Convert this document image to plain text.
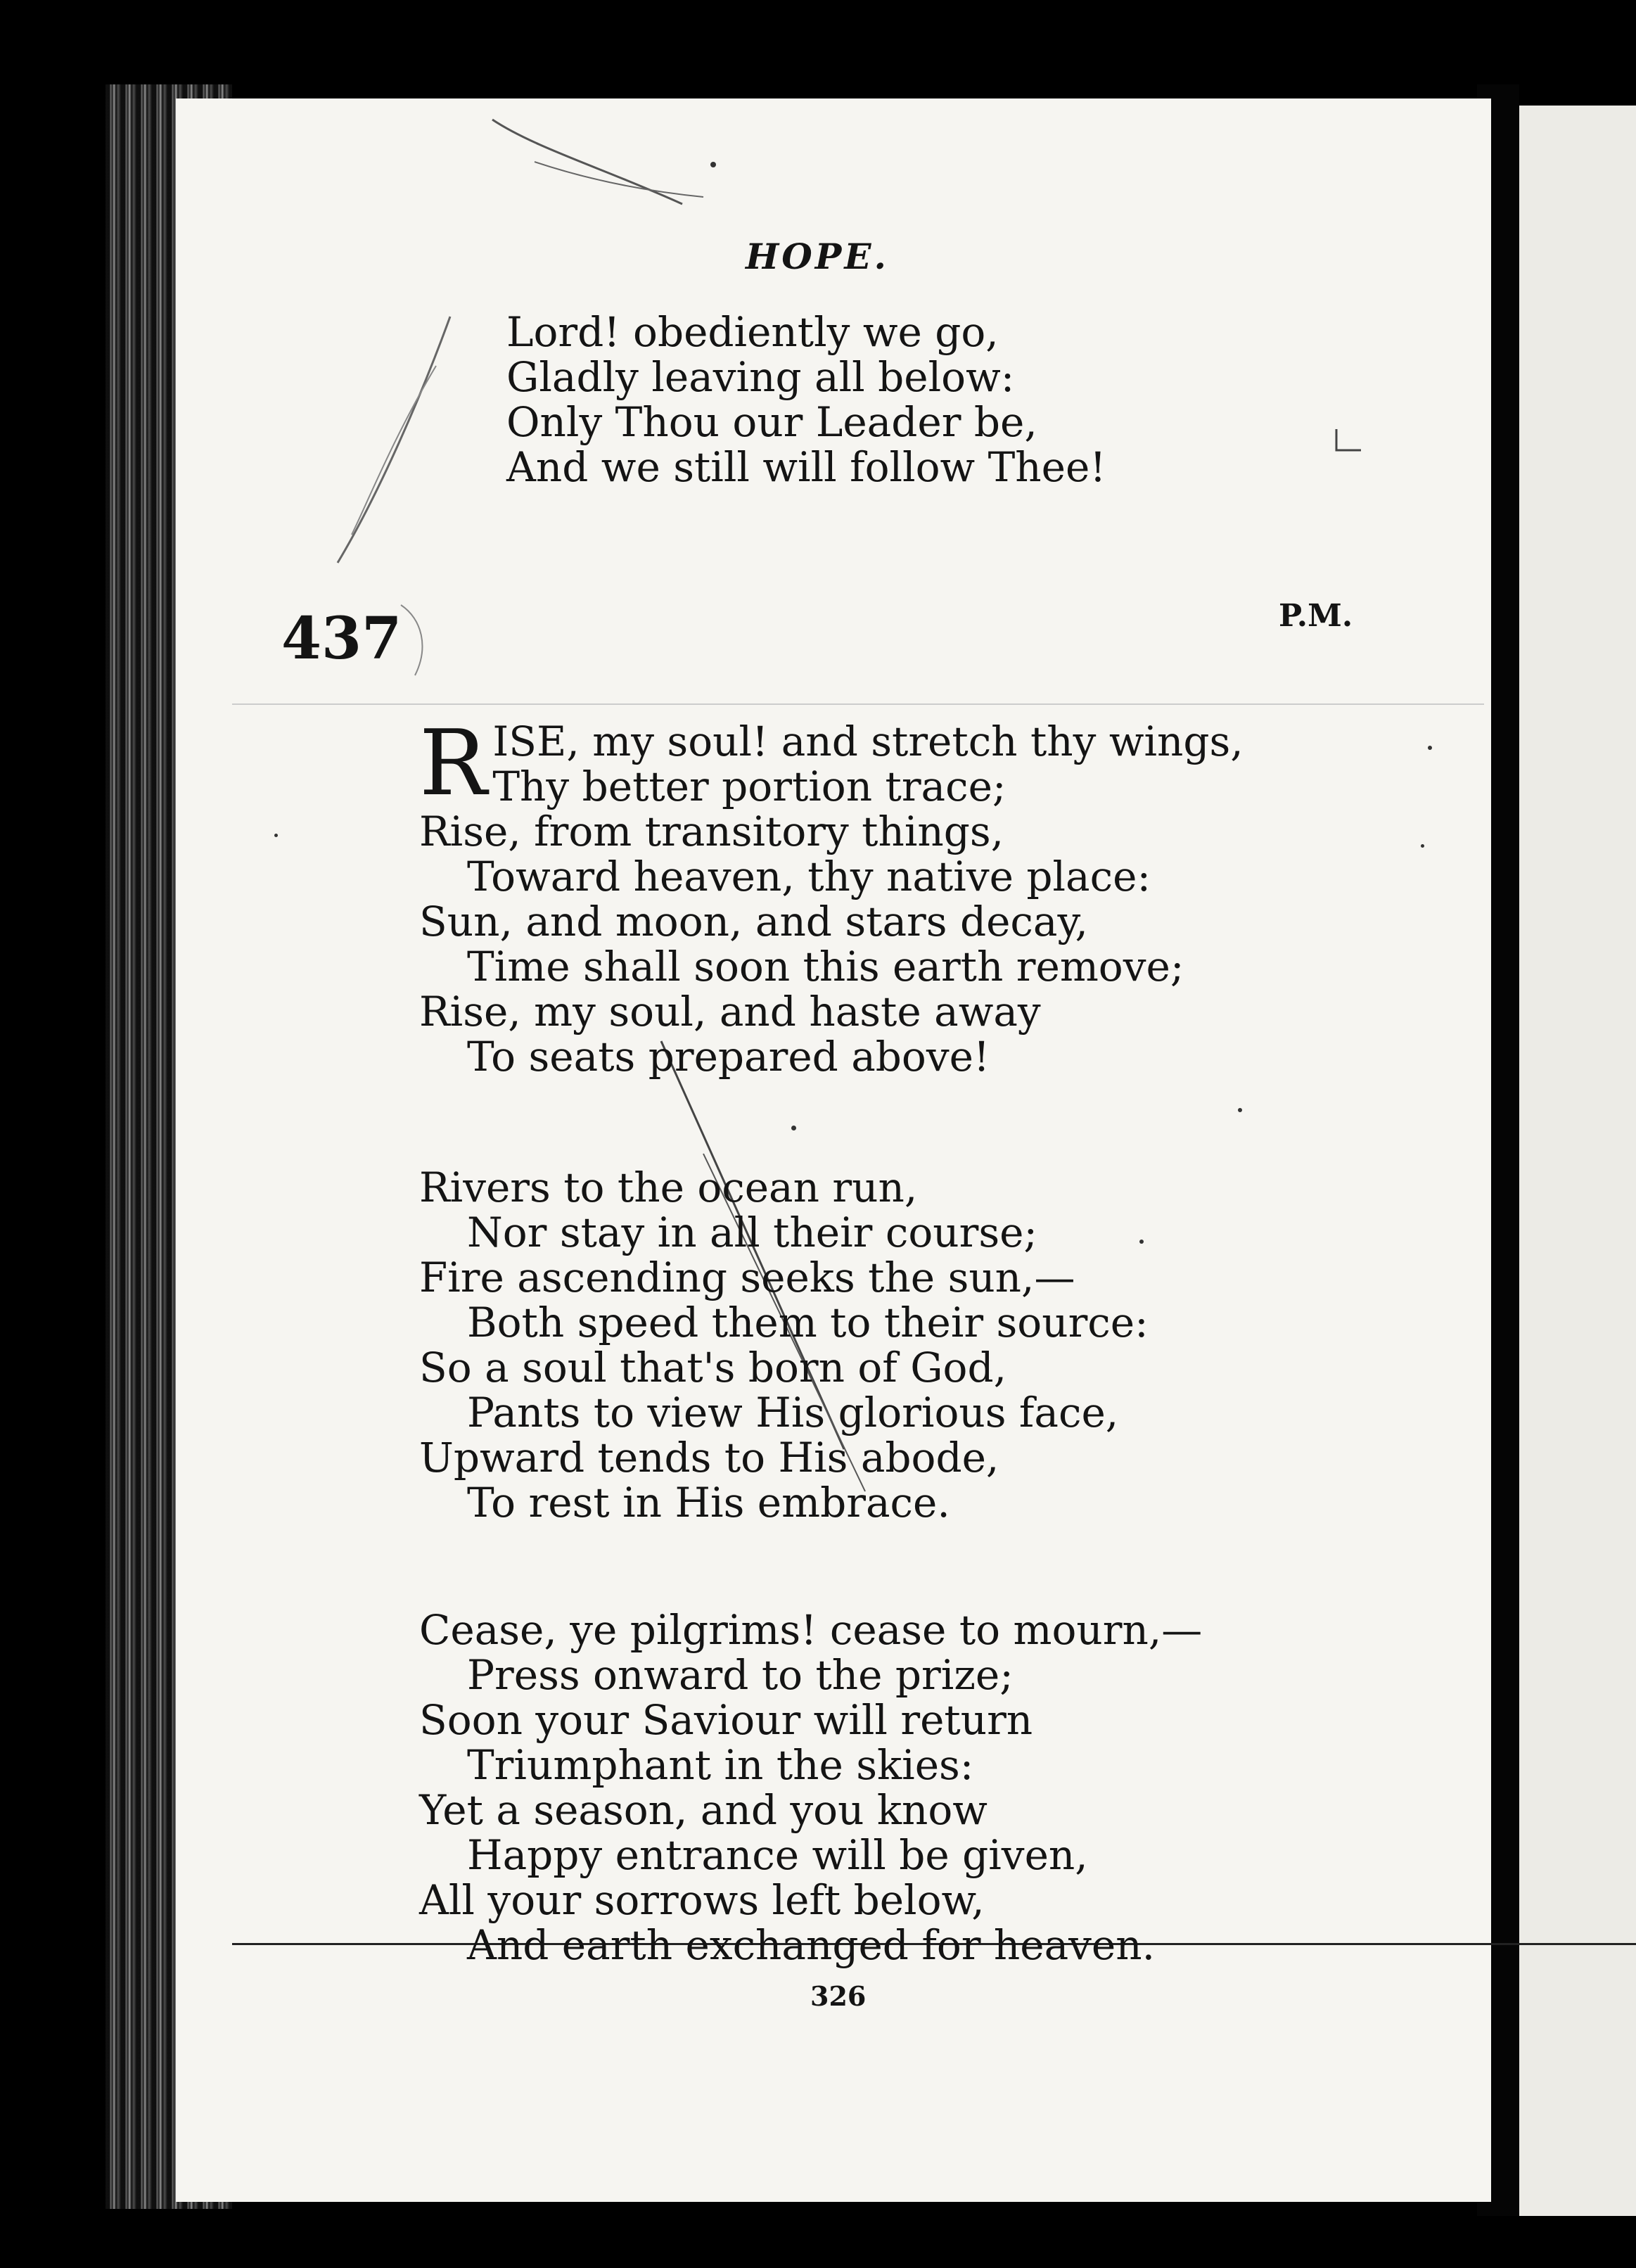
HOPE.
Lord! obediently we go,
Gladly leaving all below:
Only Thou our Leader be,
And we still will follow Thee!
437	P.M.
R ISE, my soul! and stretch thy wings,
Thy better portion trace;
Rise, from transitory things,
Toward heaven, thy native place:
Sun, and moon, and stars decay,
Time shall soon this earth remove;
Rise, my soul, and haste away
To seats prepared above!
Rivers to the ocean run,
Nor stay in all their course;
Fire ascending seeks the sun,—
Both speed them to their source:
So a soul that's born of God,
Pants to view His glorious face,
Upward tends to His abode,
To rest in His embrace.
Cease, ye pilgrims! cease to mourn,—
Press onward to the prize;
Soon your Saviour will return
Triumphant in the skies:
Yet a season, and you know
Happy entrance will be given,
All your sorrows left below,
And earth exchanged for heaven.
326
